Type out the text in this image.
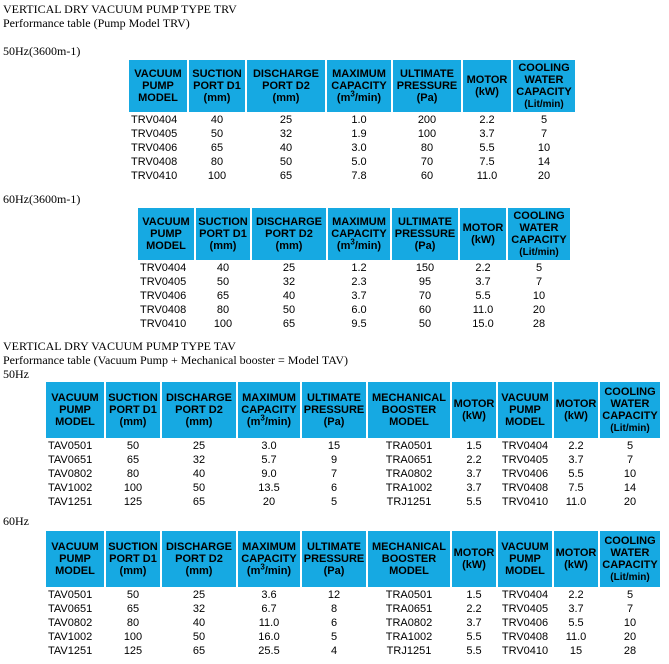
VERTICAL DRY VACUUM PUMP TYPE TRV
Performance table (Pump Model TRV)
50Hz(3600m-1)
VACUUM
PUMP
MODEL	SUCTION
PORT D1
(mm)	DISCHARGE
PORT D2
(mm)	MAXIMUM
CAPACITY
$(m^3/\min)$	ULTIMATE
PRESSURE
(Pa)	MOTOR
(kW)	COOLING
WATER
CAPACITY
(Lit/min)
TRV0404	40	25	1.0	200	2.2	5
TRV0405	50	32	1.9	100	3.7	7
TRV0406	65	40	3.0	80	5.5	10
TRV0408	80	50	5.0	70	7.5	14
TRV0410	100	65	7.8	60	11.0	20
60Hz(3600m-1)
VACUUM
PUMP
MODEL	SUCTION
PORT D1
(mm)	DISCHARGE
PORT D2
(mm)	MAXIMUM
CAPACITY
$(m^3/\min)$	ULTIMATE
PRESSURE
(Pa)	MOTOR
(kW)	COOLING
WATER
CAPACITY
(Lit/min)
TRV0404	40	25	1.2	150	2.2	5
TRV0405	50	32	2.3	95	3.7	7
TRV0406	65	40	3.7	70	5.5	10
TRV0408	80	50	6.0	60	11.0	20
TRV0410	100	65	9.5	50	15.0	28
VERTICAL DRY VACUUM PUMP TYPE TAV
Performance table (Vacuum Pump + Mechanical booster = Model TAV)
50Hz
VACUUM
PUMP
MODEL	SUCTION
PORT D1
(mm)	DISCHARGE
PORT D2
(mm)	MAXIMUM
CAPACITY
$(m^3/\min)$	ULTIMATE
PRESSURE
(Pa)	MECHANICAL
BOOSTER
MODEL	MOTOR
(kW)	VACUUM
PUMP
MODEL	MOTOR
(kW)	COOLING
WATER
CAPACITY
(Lit/min)
TAV0501	50	25	3.0	15	TRA0501	1.5	TRV0404	2.2	5
TAV0651	65	32	5.7	9	TRA0651	2.2	TRV0405	3.7	7
TAV0802	80	40	9.0	7	TRA0802	3.7	TRV0406	5.5	10
TAV1002	100	50	13.5	6	TRA1002	3.7	TRV0408	7.5	14
TAV1251	125	65	20	5	TRJ1251	5.5	TRV0410	11.0	20
60Hz
VACUUM
PUMP
MODEL	SUCTION
PORT D1
(mm)	DISCHARGE
PORT D2
(mm)	MAXIMUM
CAPACITY
$(m^3/\min)$	ULTIMATE
PRESSURE
(Pa)	MECHANICAL
BOOSTER
MODEL	MOTOR
(kW)	VACUUM
PUMP
MODEL	MOTOR
(kW)	COOLING
WATER
CAPACITY
(Lit/min)
TAV0501	50	25	3.6	12	TRA0501	1.5	TRV0404	2.2	5
TAV0651	65	32	6.7	8	TRA0651	2.2	TRV0405	3.7	7
TAV0802	80	40	11.0	6	TRA0802	3.7	TRV0406	5.5	10
TAV1002	100	50	16.0	5	TRA1002	5.5	TRV0408	11.0	20
TAV1251	125	65	25.5	4	TRJ1251	5.5	TRV0410	15	28
